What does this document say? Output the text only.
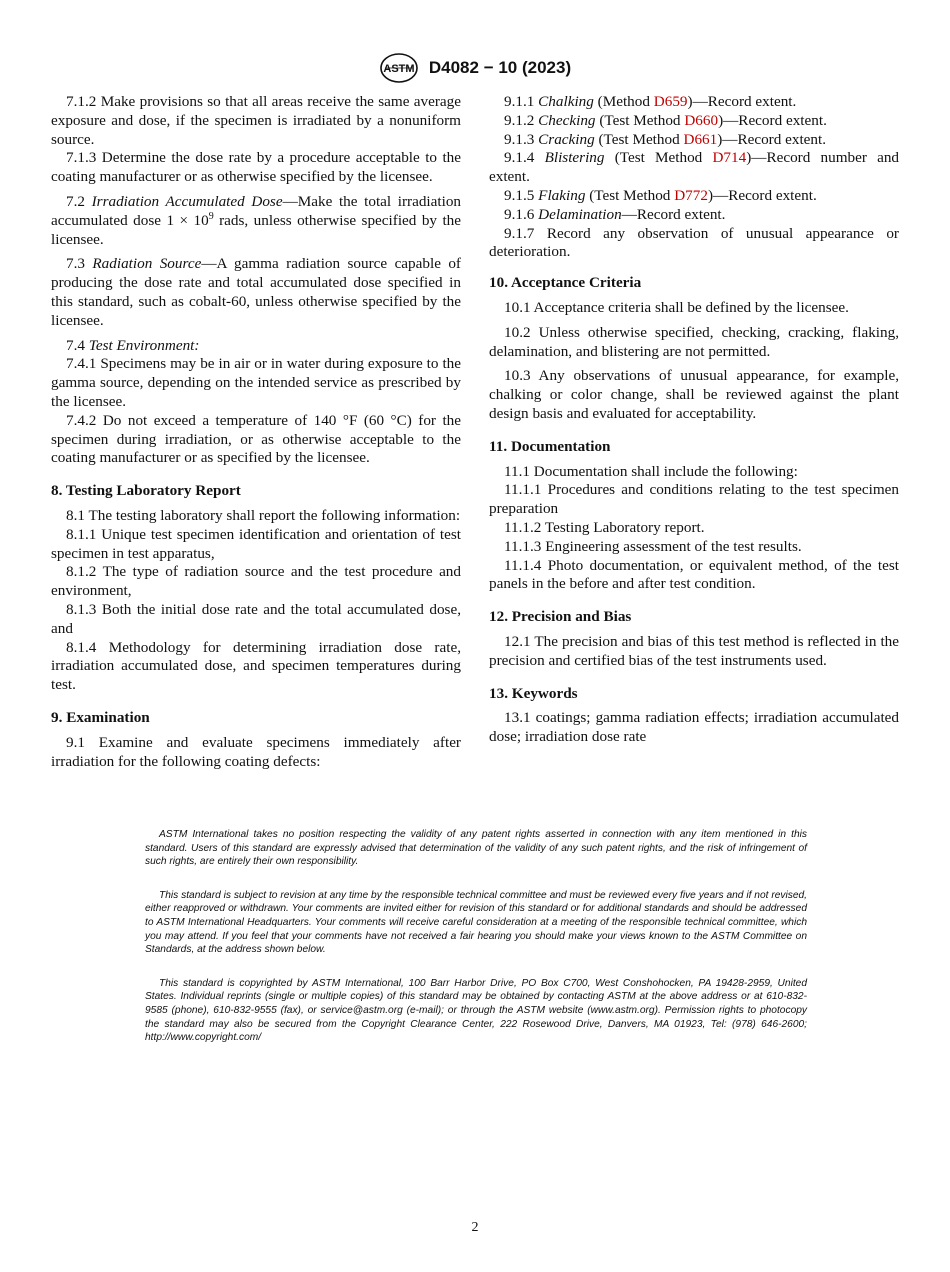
ASTM D4082 − 10 (2023)

7.1.2 Make provisions so that all areas receive the same average exposure and dose, if the specimen is irradiated by a nonuniform source.

7.1.3 Determine the dose rate by a procedure acceptable to the coating manufacturer or as otherwise specified by the licensee.

7.2 Irradiation Accumulated Dose—Make the total irradiation accumulated dose $1 \times 10^9$ rads, unless otherwise specified by the licensee.

7.3 Radiation Source—A gamma radiation source capable of producing the dose rate and total accumulated dose specified in this standard, such as cobalt-60, unless otherwise specified by the licensee.

7.4 Test Environment:

7.4.1 Specimens may be in air or in water during exposure to the gamma source, depending on the intended service as prescribed by the licensee.

7.4.2 Do not exceed a temperature of 140 °F (60 °C) for the specimen during irradiation, or as otherwise acceptable to the coating manufacturer or as specified by the licensee.

8. Testing Laboratory Report

8.1 The testing laboratory shall report the following information:

8.1.1 Unique test specimen identification and orientation of test specimen in test apparatus,

8.1.2 The type of radiation source and the test procedure and environment,

8.1.3 Both the initial dose rate and the total accumulated dose, and

8.1.4 Methodology for determining irradiation dose rate, irradiation accumulated dose, and specimen temperatures during test.

9. Examination

9.1 Examine and evaluate specimens immediately after irradiation for the following coating defects:

9.1.1 Chalking (Method D659)—Record extent.

9.1.2 Checking (Test Method D660)—Record extent.

9.1.3 Cracking (Test Method D661)—Record extent.

9.1.4 Blistering (Test Method D714)—Record number and extent.

9.1.5 Flaking (Test Method D772)—Record extent.

9.1.6 Delamination—Record extent.

9.1.7 Record any observation of unusual appearance or deterioration.

10. Acceptance Criteria

10.1 Acceptance criteria shall be defined by the licensee.

10.2 Unless otherwise specified, checking, cracking, flaking, delamination, and blistering are not permitted.

10.3 Any observations of unusual appearance, for example, chalking or color change, shall be reviewed against the plant design basis and evaluated for acceptability.

11. Documentation

11.1 Documentation shall include the following:

11.1.1 Procedures and conditions relating to the test specimen preparation

11.1.2 Testing Laboratory report.

11.1.3 Engineering assessment of the test results.

11.1.4 Photo documentation, or equivalent method, of the test panels in the before and after test condition.

12. Precision and Bias

12.1 The precision and bias of this test method is reflected in the precision and certified bias of the test instruments used.

13. Keywords

13.1 coatings; gamma radiation effects; irradiation accumulated dose; irradiation dose rate

ASTM International takes no position respecting the validity of any patent rights asserted in connection with any item mentioned in this standard. Users of this standard are expressly advised that determination of the validity of any such patent rights, and the risk of infringement of such rights, are entirely their own responsibility.

This standard is subject to revision at any time by the responsible technical committee and must be reviewed every five years and if not revised, either reapproved or withdrawn. Your comments are invited either for revision of this standard or for additional standards and should be addressed to ASTM International Headquarters. Your comments will receive careful consideration at a meeting of the responsible technical committee, which you may attend. If you feel that your comments have not received a fair hearing you should make your views known to the ASTM Committee on Standards, at the address shown below.

This standard is copyrighted by ASTM International, 100 Barr Harbor Drive, PO Box C700, West Conshohocken, PA 19428-2959, United States. Individual reprints (single or multiple copies) of this standard may be obtained by contacting ASTM at the above address or at 610-832-9585 (phone), 610-832-9555 (fax), or service@astm.org (e-mail); or through the ASTM website (www.astm.org). Permission rights to photocopy the standard may also be secured from the Copyright Clearance Center, 222 Rosewood Drive, Danvers, MA 01923, Tel: (978) 646-2600; http://www.copyright.com/

2
